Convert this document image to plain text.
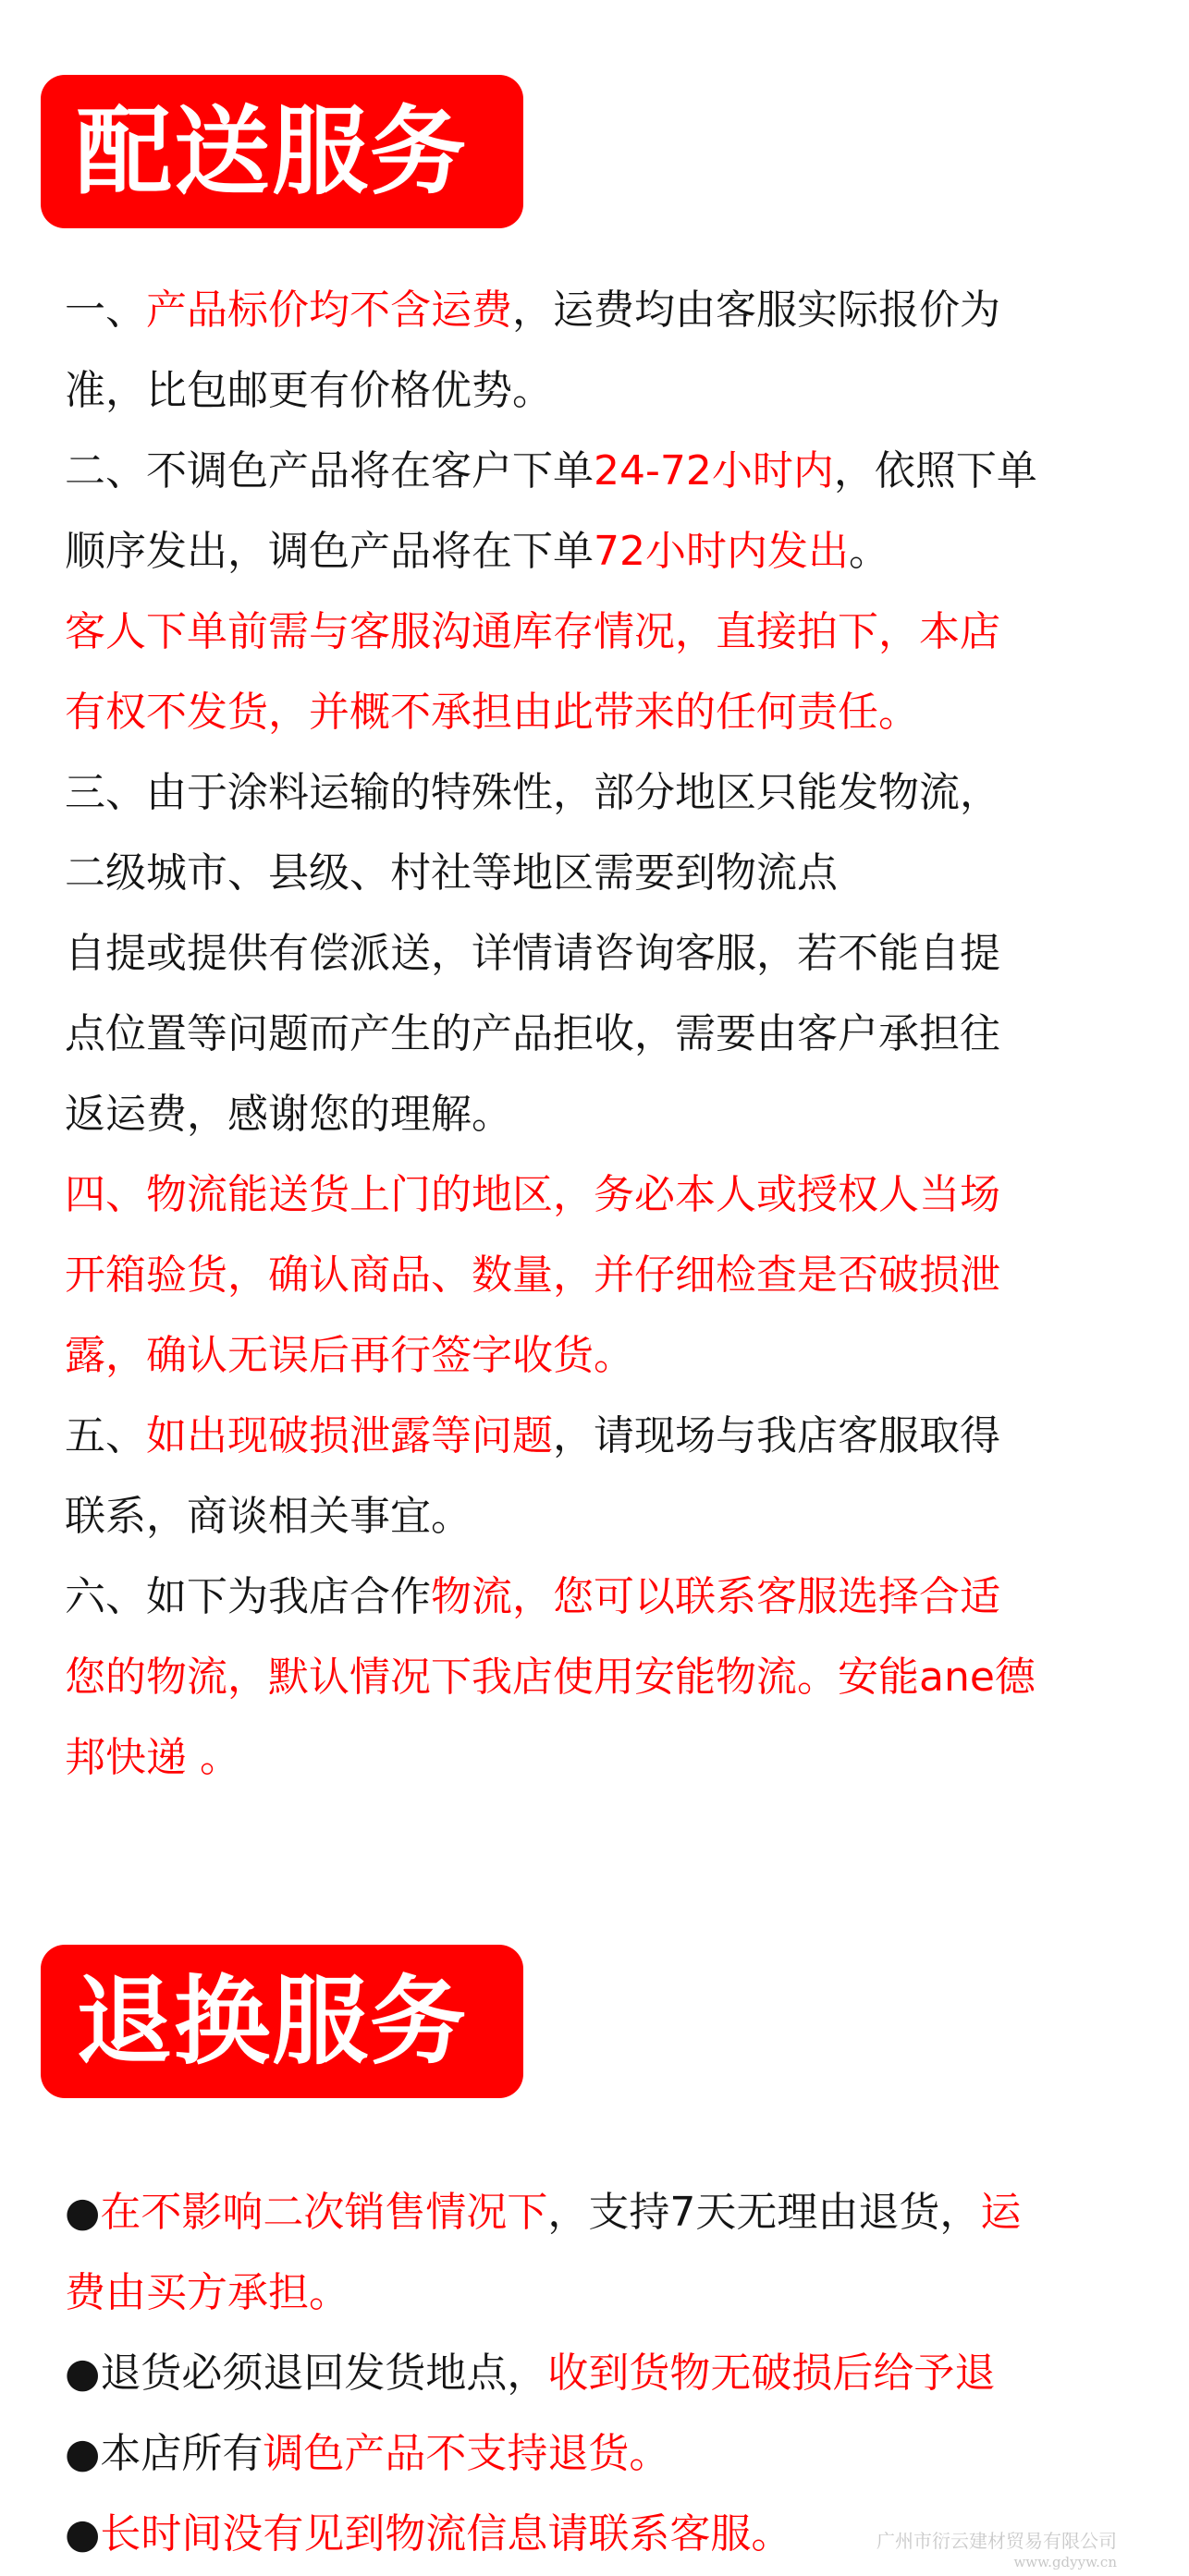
配送服务
一、产品标价均不含运费，运费均由客服实际报价为
准，比包邮更有价格优势。
二、不调色产品将在客户下单24-72小时内，依照下单
顺序发出，调色产品将在下单72小时内发出。
客人下单前需与客服沟通库存情况，直接拍下，本店
有权不发货，并概不承担由此带来的任何责任。
三、由于涂料运输的特殊性，部分地区只能发物流，
二级城市、县级、村社等地区需要到物流点
自提或提供有偿派送，详情请咨询客服，若不能自提
点位置等问题而产生的产品拒收，需要由客户承担往
返运费，感谢您的理解。
四、物流能送货上门的地区，务必本人或授权人当场
开箱验货，确认商品、数量，并仔细检查是否破损泄
露，确认无误后再行签字收货。
五、如出现破损泄露等问题，请现场与我店客服取得
联系，商谈相关事宜。
六、如下为我店合作物流，您可以联系客服选择合适
您的物流，默认情况下我店使用安能物流。安能ane德
邦快递 。
退换服务
●在不影响二次销售情况下，支持7天无理由退货，运
费由买方承担。
●退货必须退回发货地点，收到货物无破损后给予退
●本店所有调色产品不支持退货。
●长时间没有见到物流信息请联系客服。	广州市衍云建材贸易有限公司
www.gdyyw.cn
